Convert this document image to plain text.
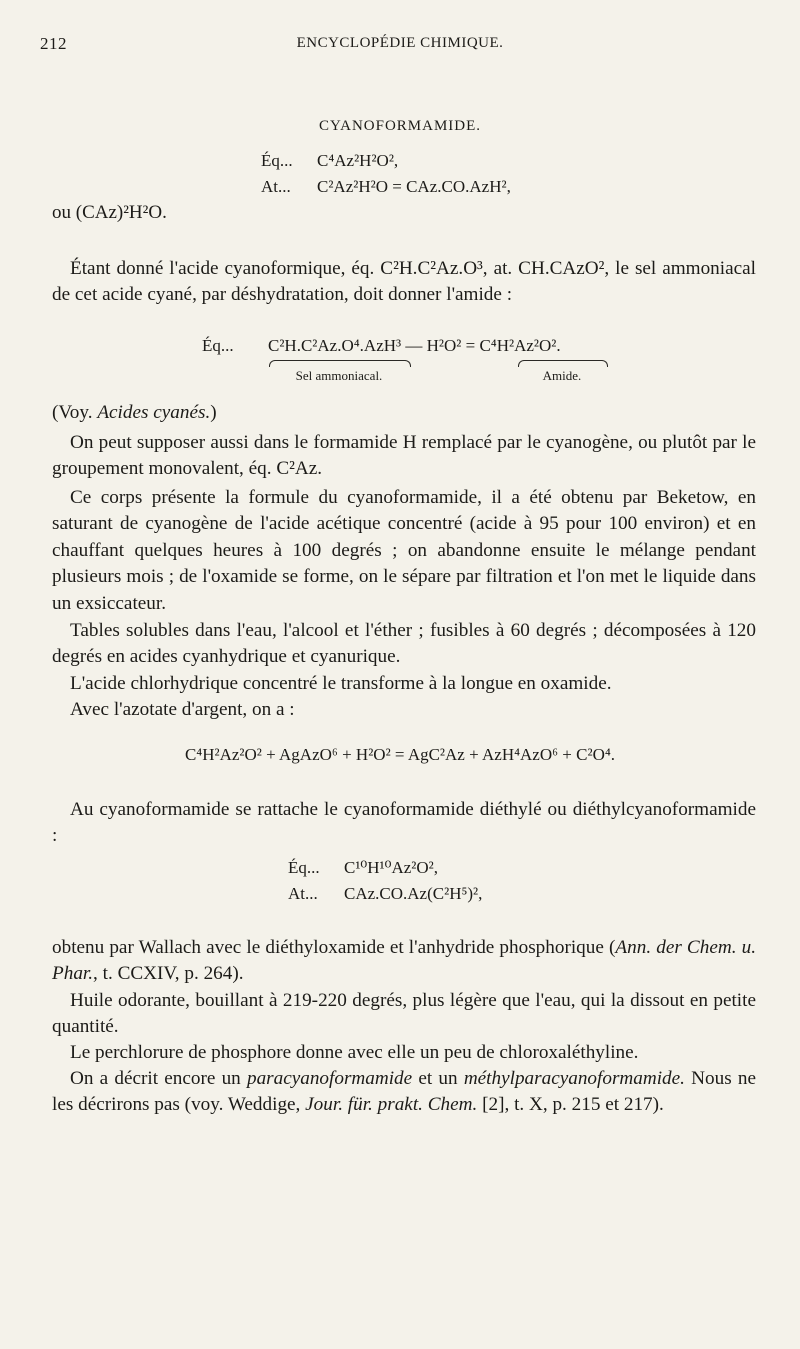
212	ENCYCLOPÉDIE CHIMIQUE.
CYANOFORMAMIDE.
Éq... C⁴Az²H²O²,
At... C²Az²H²O = CAz.CO.AzH²,
ou (CAz)²H²O.

Étant donné l'acide cyanoformique, éq. C²H.C²Az.O³, at. CH.CAzO², le sel ammoniacal de cet acide cyané, par déshydratation, doit donner l'amide :

Éq... C²H.C²Az.O⁴.AzH³ — H²O² = C⁴H²Az²O².
Sel ammoniacal.	Amide.
(Voy. Acides cyanés.)

On peut supposer aussi dans le formamide H remplacé par le cyanogène, ou plutôt par le groupement monovalent, éq. C²Az.

Ce corps présente la formule du cyanoformamide, il a été obtenu par Beketow, en saturant de cyanogène de l'acide acétique concentré (acide à 95 pour 100 environ) et en chauffant quelques heures à 100 degrés ; on abandonne ensuite le mélange pendant plusieurs mois ; de l'oxamide se forme, on le sépare par filtration et l'on met le liquide dans un exsiccateur.

Tables solubles dans l'eau, l'alcool et l'éther ; fusibles à 60 degrés ; décomposées à 120 degrés en acides cyanhydrique et cyanurique.

L'acide chlorhydrique concentré le transforme à la longue en oxamide.

Avec l'azotate d'argent, on a :

C⁴H²Az²O² + AgAzO⁶ + H²O² = AgC²Az + AzH⁴AzO⁶ + C²O⁴.

Au cyanoformamide se rattache le cyanoformamide diéthylé ou diéthylcyanoformamide :

Éq... C¹⁰H¹⁰Az²O²,
At... CAz.CO.Az(C²H⁵)²,

obtenu par Wallach avec le diéthyloxamide et l'anhydride phosphorique (Ann. der Chem. u. Phar., t. CCXIV, p. 264).

Huile odorante, bouillant à 219-220 degrés, plus légère que l'eau, qui la dissout en petite quantité.

Le perchlorure de phosphore donne avec elle un peu de chloroxaléthyline.

On a décrit encore un paracyanoformamide et un méthylparacyanoformamide. Nous ne les décrirons pas (voy. Weddige, Jour. für. prakt. Chem. [2], t. X, p. 215 et 217).
